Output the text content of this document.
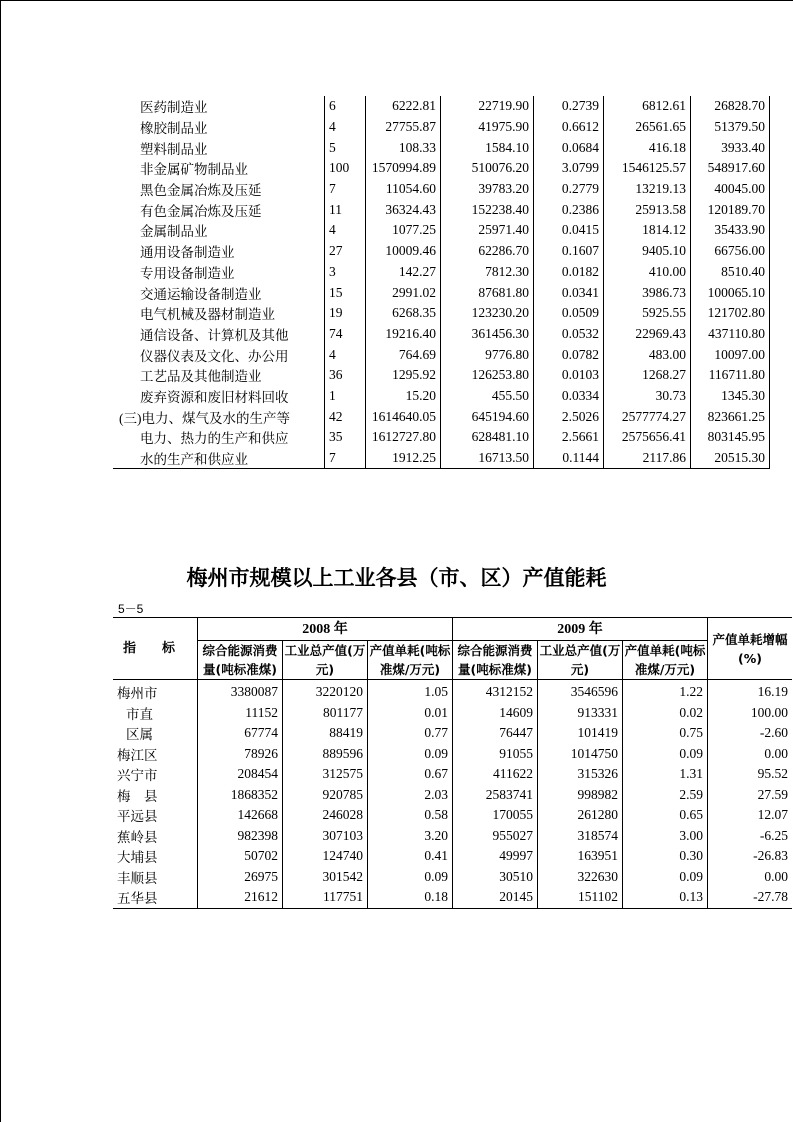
医药制造业	6	6222.81	22719.90	0.2739	6812.61	26828.70
橡胶制品业	4	27755.87	41975.90	0.6612	26561.65	51379.50
塑料制品业	5	108.33	1584.10	0.0684	416.18	3933.40
非金属矿物制品业	100	1570994.89	510076.20	3.0799	1546125.57	548917.60
黑色金属冶炼及压延	7	11054.60	39783.20	0.2779	13219.13	40045.00
有色金属冶炼及压延	11	36324.43	152238.40	0.2386	25913.58	120189.70
金属制品业	4	1077.25	25971.40	0.0415	1814.12	35433.90
通用设备制造业	27	10009.46	62286.70	0.1607	9405.10	66756.00
专用设备制造业	3	142.27	7812.30	0.0182	410.00	8510.40
交通运输设备制造业	15	2991.02	87681.80	0.0341	3986.73	100065.10
电气机械及器材制造业	19	6268.35	123230.20	0.0509	5925.55	121702.80
通信设备、计算机及其他	74	19216.40	361456.30	0.0532	22969.43	437110.80
仪器仪表及文化、办公用	4	764.69	9776.80	0.0782	483.00	10097.00
工艺品及其他制造业	36	1295.92	126253.80	0.0103	1268.27	116711.80
废弃资源和废旧材料回收	1	15.20	455.50	0.0334	30.73	1345.30
(三)电力、煤气及水的生产等	42	1614640.05	645194.60	2.5026	2577774.27	823661.25
电力、热力的生产和供应	35	1612727.80	628481.10	2.5661	2575656.41	803145.95
水的生产和供应业	7	1912.25	16713.50	0.1144	2117.86	20515.30
梅州市规模以上工业各县（市、区）产值能耗
5－5
指　　标	2008 年			2009 年			产值单耗增幅(%)
	综合能源消费量(吨标准煤)	工业总产值(万元)	产值单耗(吨标准煤/万元)	综合能源消费量(吨标准煤)	工业总产值(万元)	产值单耗(吨标准煤/万元)	
梅州市	3380087	3220120	1.05	4312152	3546596	1.22	16.19
市直	11152	801177	0.01	14609	913331	0.02	100.00
区属	67774	88419	0.77	76447	101419	0.75	-2.60
梅江区	78926	889596	0.09	91055	1014750	0.09	0.00
兴宁市	208454	312575	0.67	411622	315326	1.31	95.52
梅　县	1868352	920785	2.03	2583741	998982	2.59	27.59
平远县	142668	246028	0.58	170055	261280	0.65	12.07
蕉岭县	982398	307103	3.20	955027	318574	3.00	-6.25
大埔县	50702	124740	0.41	49997	163951	0.30	-26.83
丰顺县	26975	301542	0.09	30510	322630	0.09	0.00
五华县	21612	117751	0.18	20145	151102	0.13	-27.78
